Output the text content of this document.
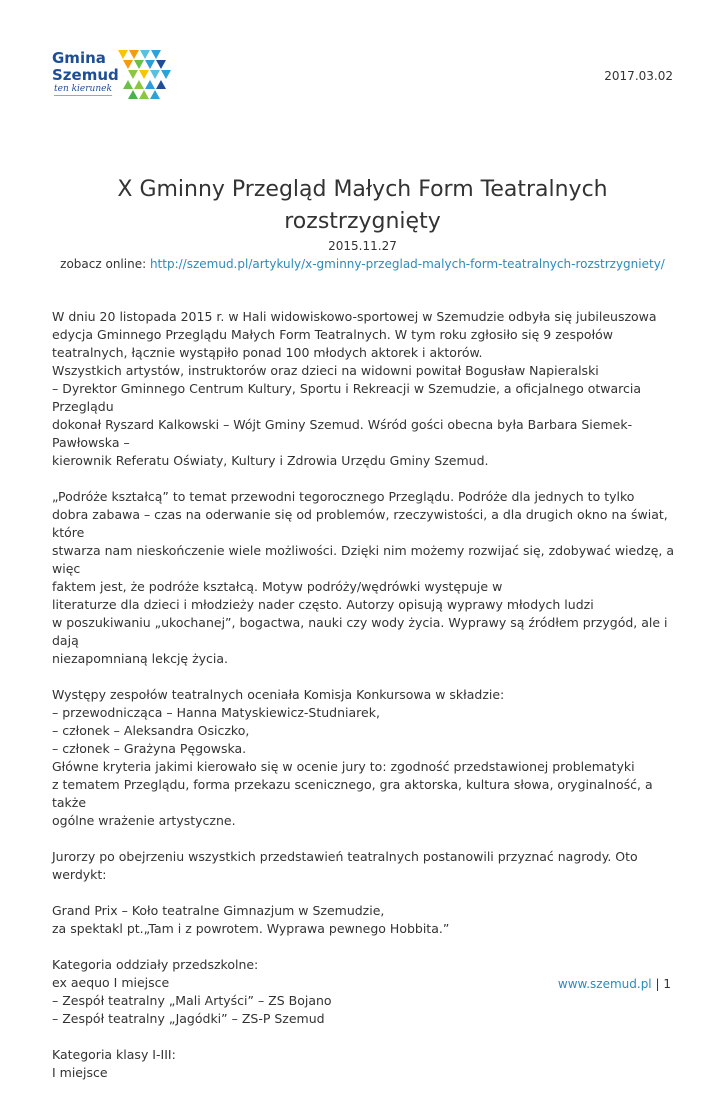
Gmina
Szemud
ten kierunek
2017.03.02
X Gminny Przegląd Małych Form Teatralnych
rozstrzygnięty
2015.11.27
zobacz online: http://szemud.pl/artykuly/x-gminny-przeglad-malych-form-teatralnych-rozstrzygniety/

W dniu 20 listopada 2015 r. w Hali widowiskowo-sportowej w Szemudzie odbyła się jubileuszowa
edycja Gminnego Przeglądu Małych Form Teatralnych. W tym roku zgłosiło się 9 zespołów
teatralnych, łącznie wystąpiło ponad 100 młodych aktorek i aktorów.
Wszystkich artystów, instruktorów oraz dzieci na widowni powitał Bogusław Napieralski
– Dyrektor Gminnego Centrum Kultury, Sportu i Rekreacji w Szemudzie, a oficjalnego otwarcia Przeglądu
dokonał Ryszard Kalkowski – Wójt Gminy Szemud. Wśród gości obecna była Barbara Siemek-Pawłowska –
kierownik Referatu Oświaty, Kultury i Zdrowia Urzędu Gminy Szemud.

„Podróże kształcą” to temat przewodni tegorocznego Przeglądu. Podróże dla jednych to tylko
dobra zabawa – czas na oderwanie się od problemów, rzeczywistości, a dla drugich okno na świat, które
stwarza nam nieskończenie wiele możliwości. Dzięki nim możemy rozwijać się, zdobywać wiedzę, a więc
faktem jest, że podróże kształcą. Motyw podróży/wędrówki występuje w
literaturze dla dzieci i młodzieży nader często. Autorzy opisują wyprawy młodych ludzi
w poszukiwaniu „ukochanej”, bogactwa, nauki czy wody życia. Wyprawy są źródłem przygód, ale i dają
niezapomnianą lekcję życia.

Występy zespołów teatralnych oceniała Komisja Konkursowa w składzie:
– przewodnicząca – Hanna Matyskiewicz-Studniarek,
– członek – Aleksandra Osiczko,
– członek – Grażyna Pęgowska.
Główne kryteria jakimi kierowało się w ocenie jury to: zgodność przedstawionej problematyki
z tematem Przeglądu, forma przekazu scenicznego, gra aktorska, kultura słowa, oryginalność, a także
ogólne wrażenie artystyczne.

Jurorzy po obejrzeniu wszystkich przedstawień teatralnych postanowili przyznać nagrody. Oto
werdykt:

Grand Prix – Koło teatralne Gimnazjum w Szemudzie,
za spektakl pt.„Tam i z powrotem. Wyprawa pewnego Hobbita.”

Kategoria oddziały przedszkolne:
ex aequo I miejsce
– Zespół teatralny „Mali Artyści” – ZS Bojano
– Zespół teatralny „Jagódki” – ZS-P Szemud

Kategoria klasy I-III:
I miejsce

www.szemud.pl | 1
